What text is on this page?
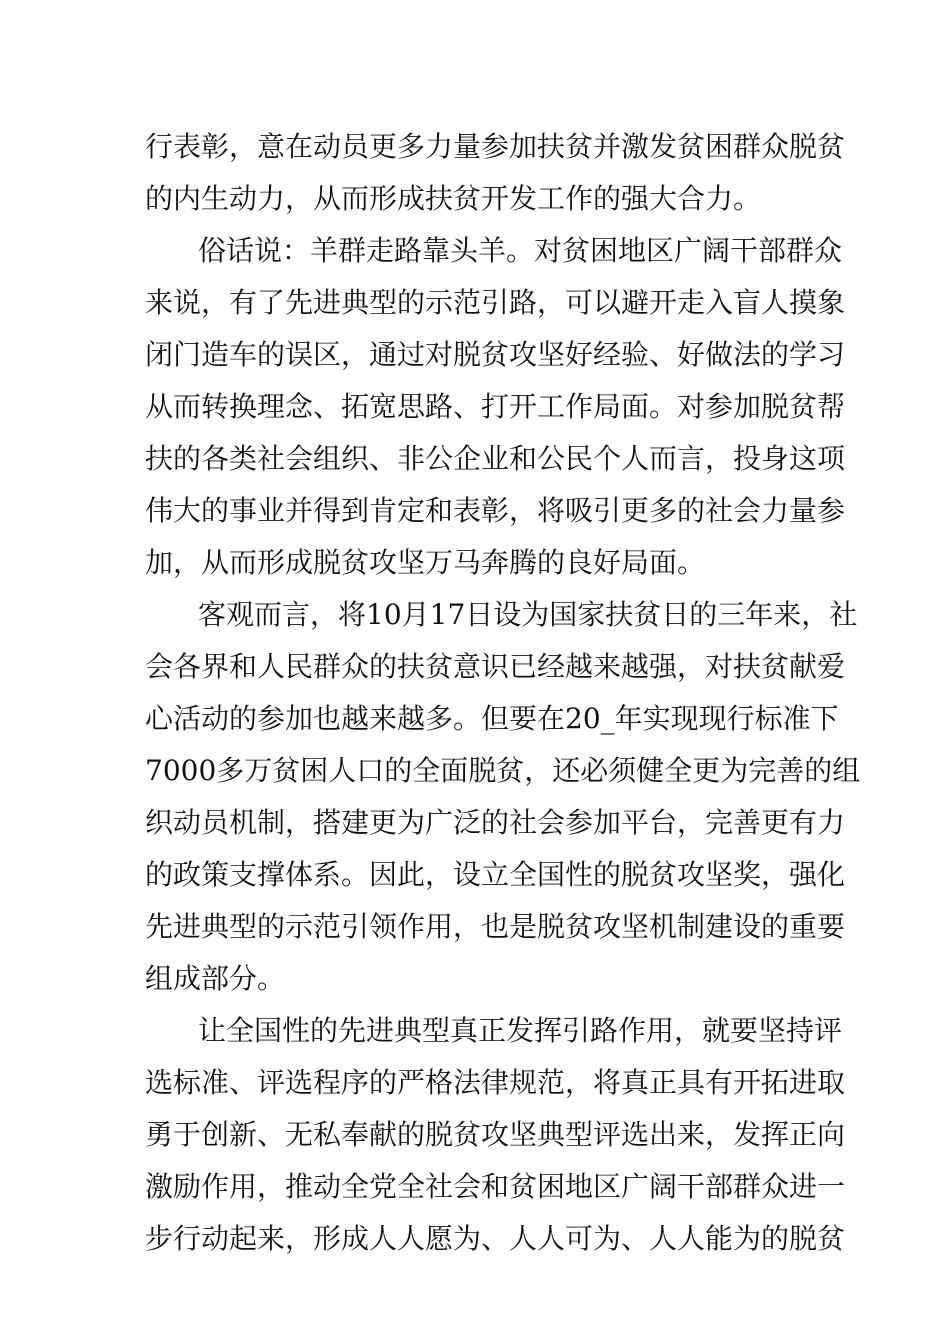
行表彰，意在动员更多力量参加扶贫并激发贫困群众脱贫
的内生动力，从而形成扶贫开发工作的强大合力。
俗话说：羊群走路靠头羊。对贫困地区广阔干部群众
来说，有了先进典型的示范引路，可以避开走入盲人摸象
闭门造车的误区，通过对脱贫攻坚好经验、好做法的学习
从而转换理念、拓宽思路、打开工作局面。对参加脱贫帮
扶的各类社会组织、非公企业和公民个人而言，投身这项
伟大的事业并得到肯定和表彰，将吸引更多的社会力量参
加，从而形成脱贫攻坚万马奔腾的良好局面。
客观而言，将10月17日设为国家扶贫日的三年来，社
会各界和人民群众的扶贫意识已经越来越强，对扶贫献爱
心活动的参加也越来越多。但要在20_年实现现行标准下
7000多万贫困人口的全面脱贫，还必须健全更为完善的组
织动员机制，搭建更为广泛的社会参加平台，完善更有力
的政策支撑体系。因此，设立全国性的脱贫攻坚奖，强化
先进典型的示范引领作用，也是脱贫攻坚机制建设的重要
组成部分。
让全国性的先进典型真正发挥引路作用，就要坚持评
选标准、评选程序的严格法律规范，将真正具有开拓进取
勇于创新、无私奉献的脱贫攻坚典型评选出来，发挥正向
激励作用，推动全党全社会和贫困地区广阔干部群众进一
步行动起来，形成人人愿为、人人可为、人人能为的脱贫
